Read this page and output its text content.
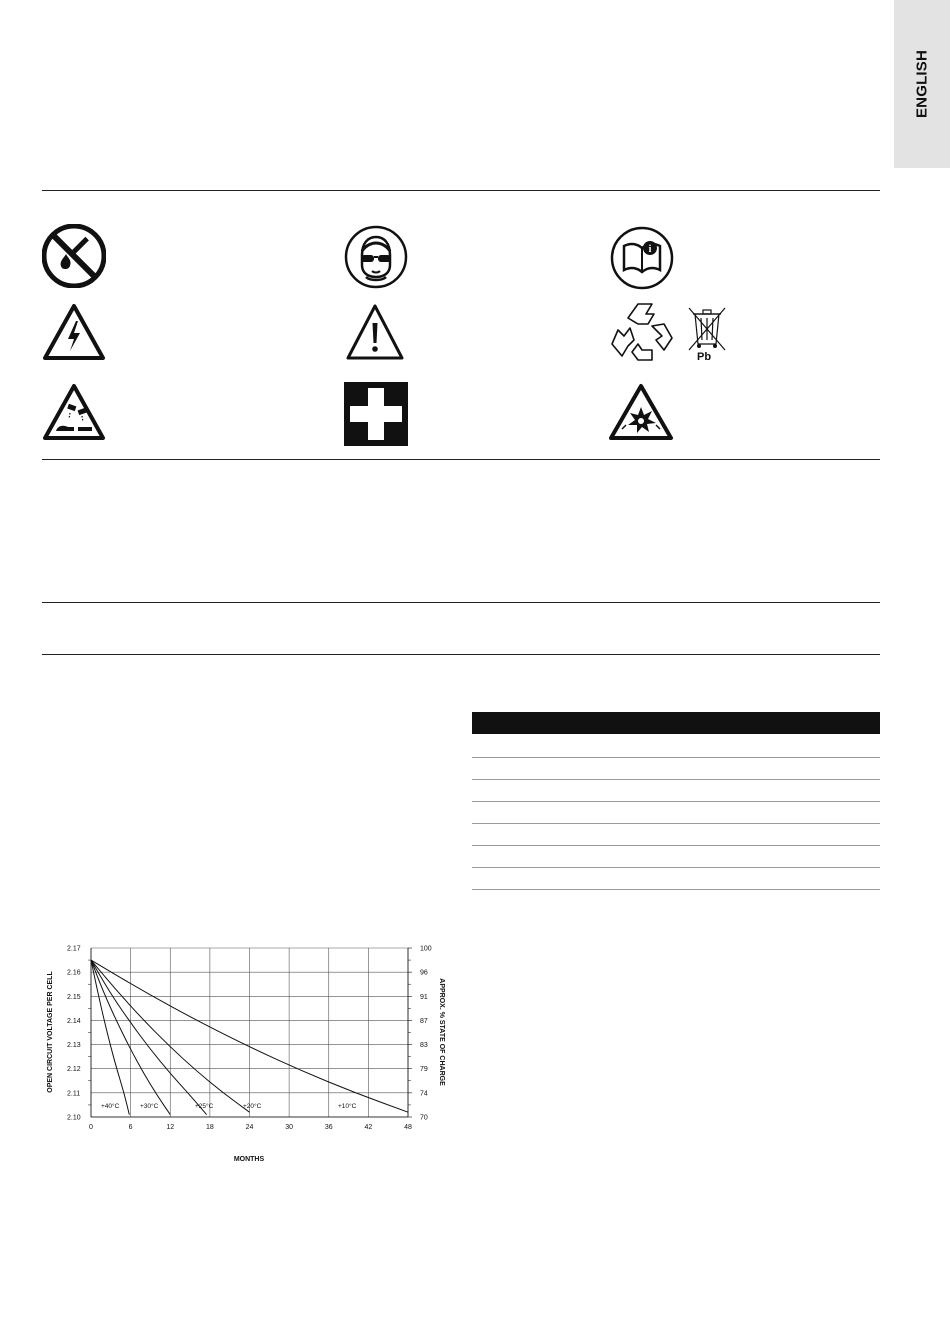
ENGLISH
i
Pb
0	6	12	18	24	30	36	42	48
2.17	100
2.16	96
2.15	91
2.14	87
2.13	83
2.12	79
2.11	74
2.10	70
+40°C	+30°C	+25°C	+20°C	+10°C
MONTHS
OPEN CIRCUIT VOLTAGE PER CELL	APPROX. % STATE OF CHARGE
